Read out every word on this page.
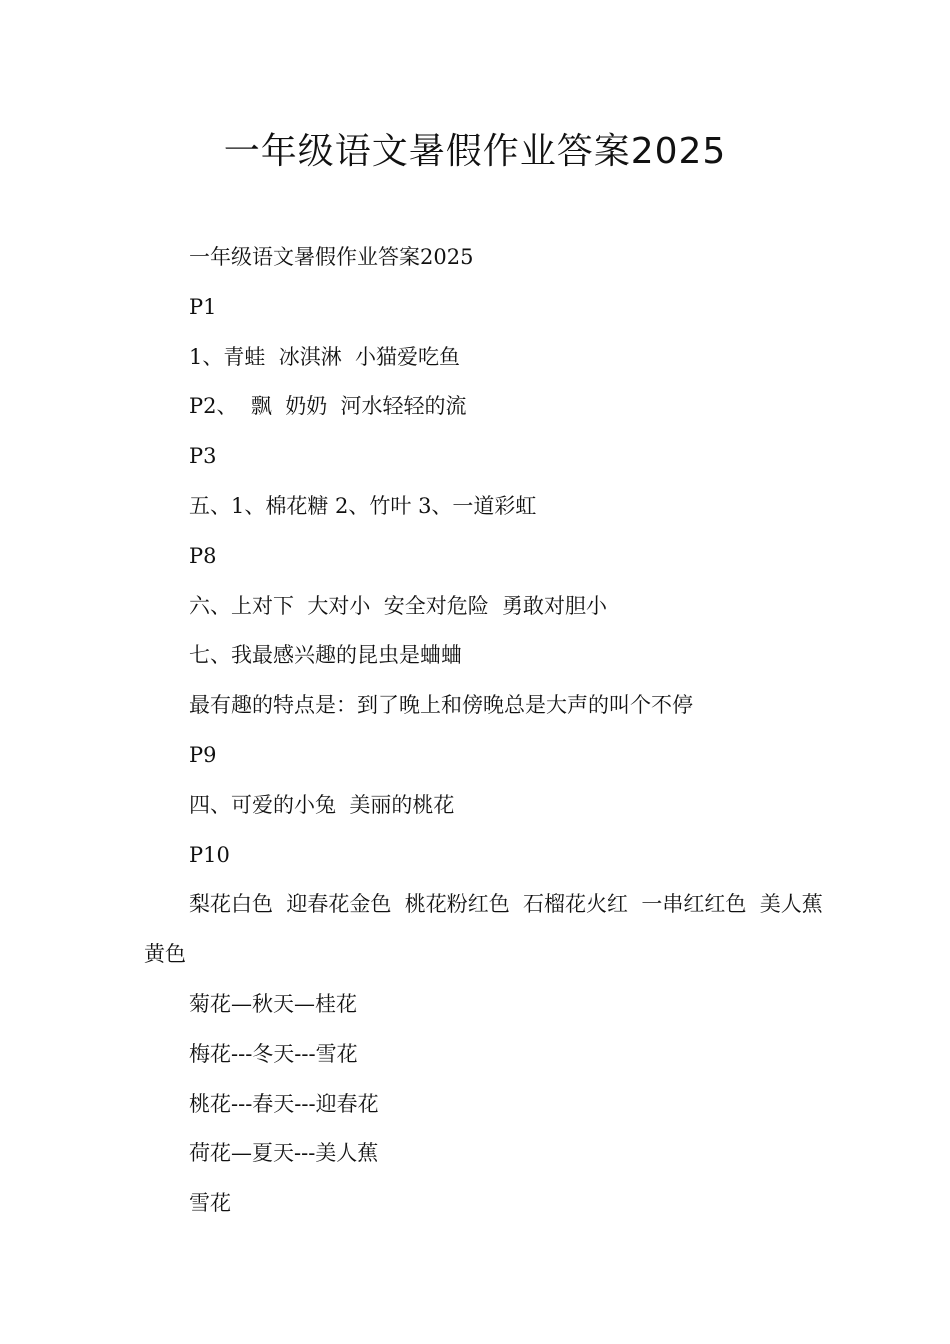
一年级语文暑假作业答案2025

一年级语文暑假作业答案2025

P1

1、青蛙  冰淇淋  小猫爱吃鱼

P2、  飘  奶奶  河水轻轻的流

P3

五、1、棉花糖 2、竹叶 3、一道彩虹

P8

六、上对下  大对小  安全对危险  勇敢对胆小

七、我最感兴趣的昆虫是蛐蛐

最有趣的特点是：到了晚上和傍晚总是大声的叫个不停

P9

四、可爱的小兔  美丽的桃花

P10

梨花白色  迎春花金色  桃花粉红色  石榴花火红  一串红红色  美人蕉黄色

菊花—秋天—桂花

梅花---冬天---雪花

桃花---春天---迎春花

荷花—夏天---美人蕉

雪花
